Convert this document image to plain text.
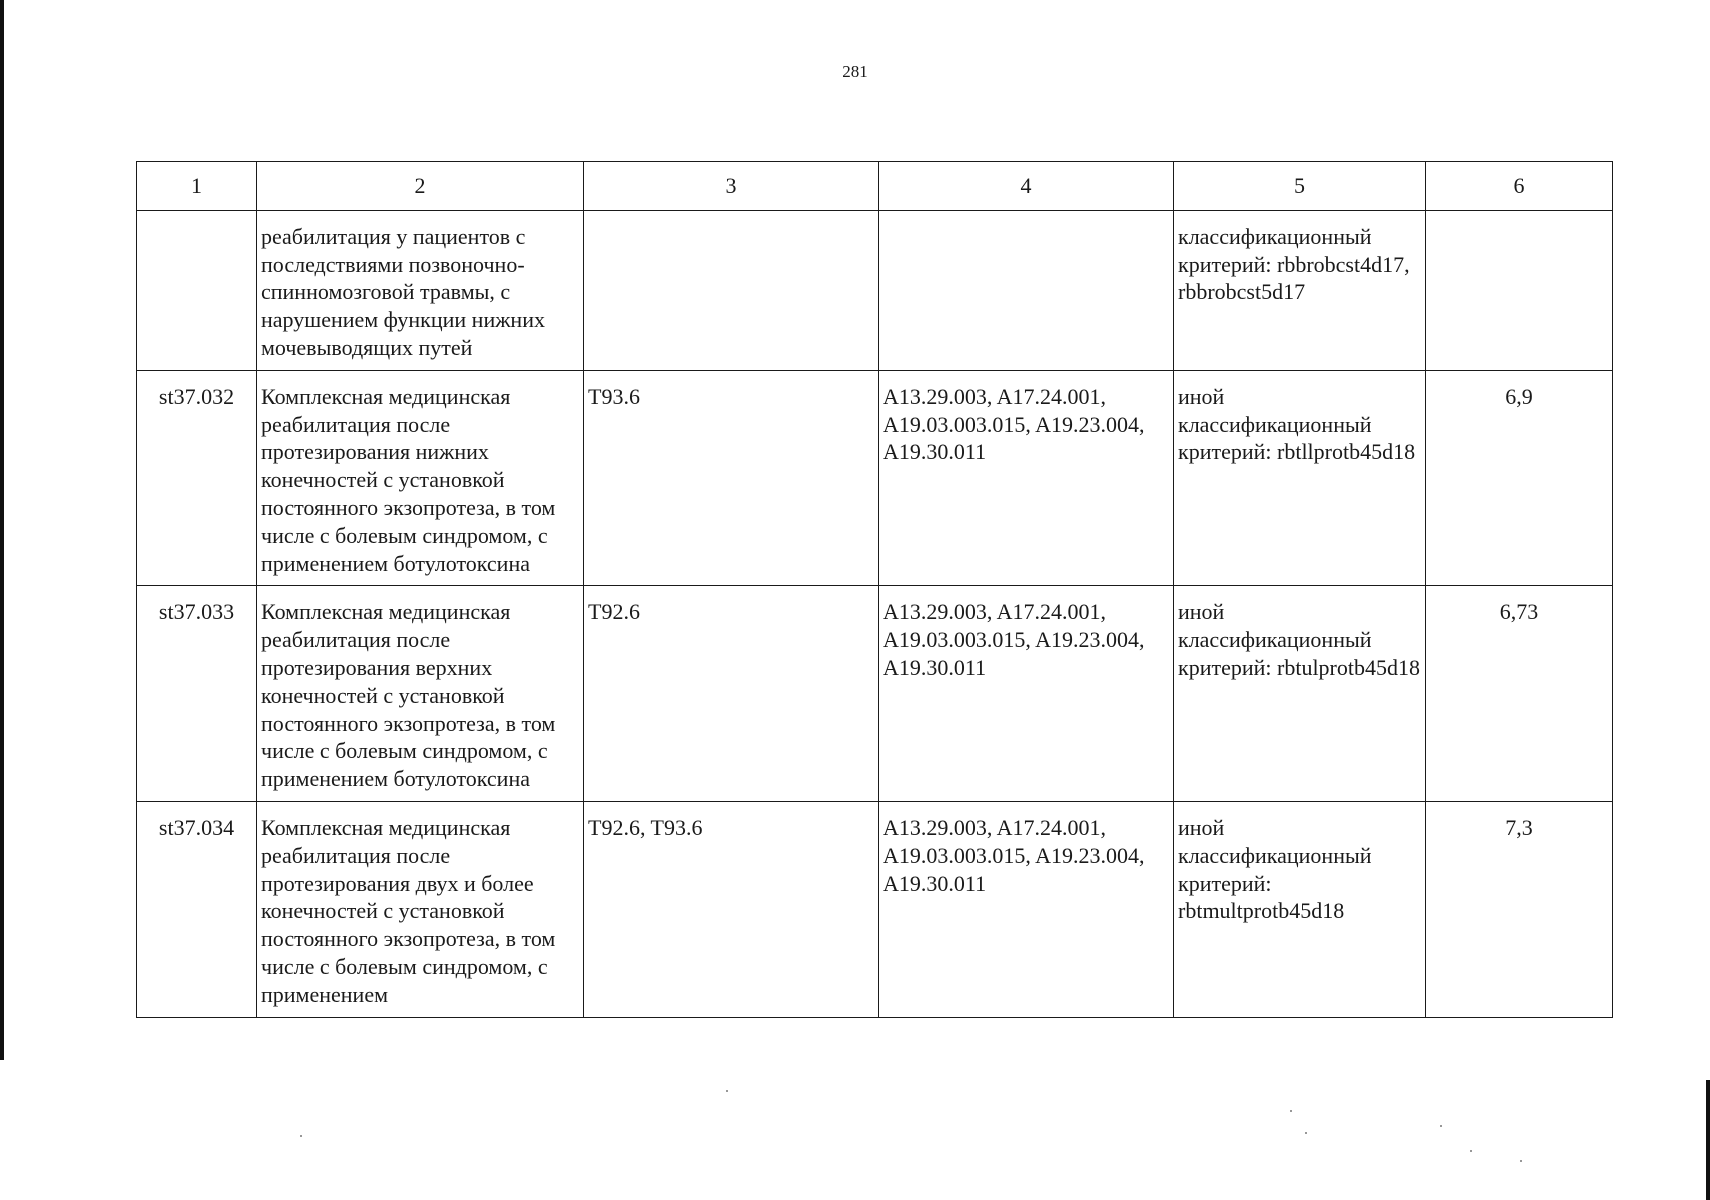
281
1	2	3	4	5	6
	реабилитация у пациентов с последствиями позвоночно-спинномозговой травмы, с нарушением функции нижних мочевыводящих путей			классификационный критерий: rbbrobcst4d17, rbbrobcst5d17	
st37.032	Комплексная медицинская реабилитация после протезирования нижних конечностей с установкой постоянного экзопротеза, в том числе с болевым синдромом, с применением ботулотоксина	T93.6	A13.29.003, A17.24.001, A19.03.003.015, A19.23.004, A19.30.011	иной классификационный критерий: rbtllprotb45d18	6,9
st37.033	Комплексная медицинская реабилитация после протезирования верхних конечностей с установкой постоянного экзопротеза, в том числе с болевым синдромом, с применением ботулотоксина	T92.6	A13.29.003, A17.24.001, A19.03.003.015, A19.23.004, A19.30.011	иной классификационный критерий: rbtulprotb45d18	6,73
st37.034	Комплексная медицинская реабилитация после протезирования двух и более конечностей с установкой постоянного экзопротеза, в том числе с болевым синдромом, с применением	T92.6, T93.6	A13.29.003, A17.24.001, A19.03.003.015, A19.23.004, A19.30.011	иной классификационный критерий: rbtmultprotb45d18	7,3
